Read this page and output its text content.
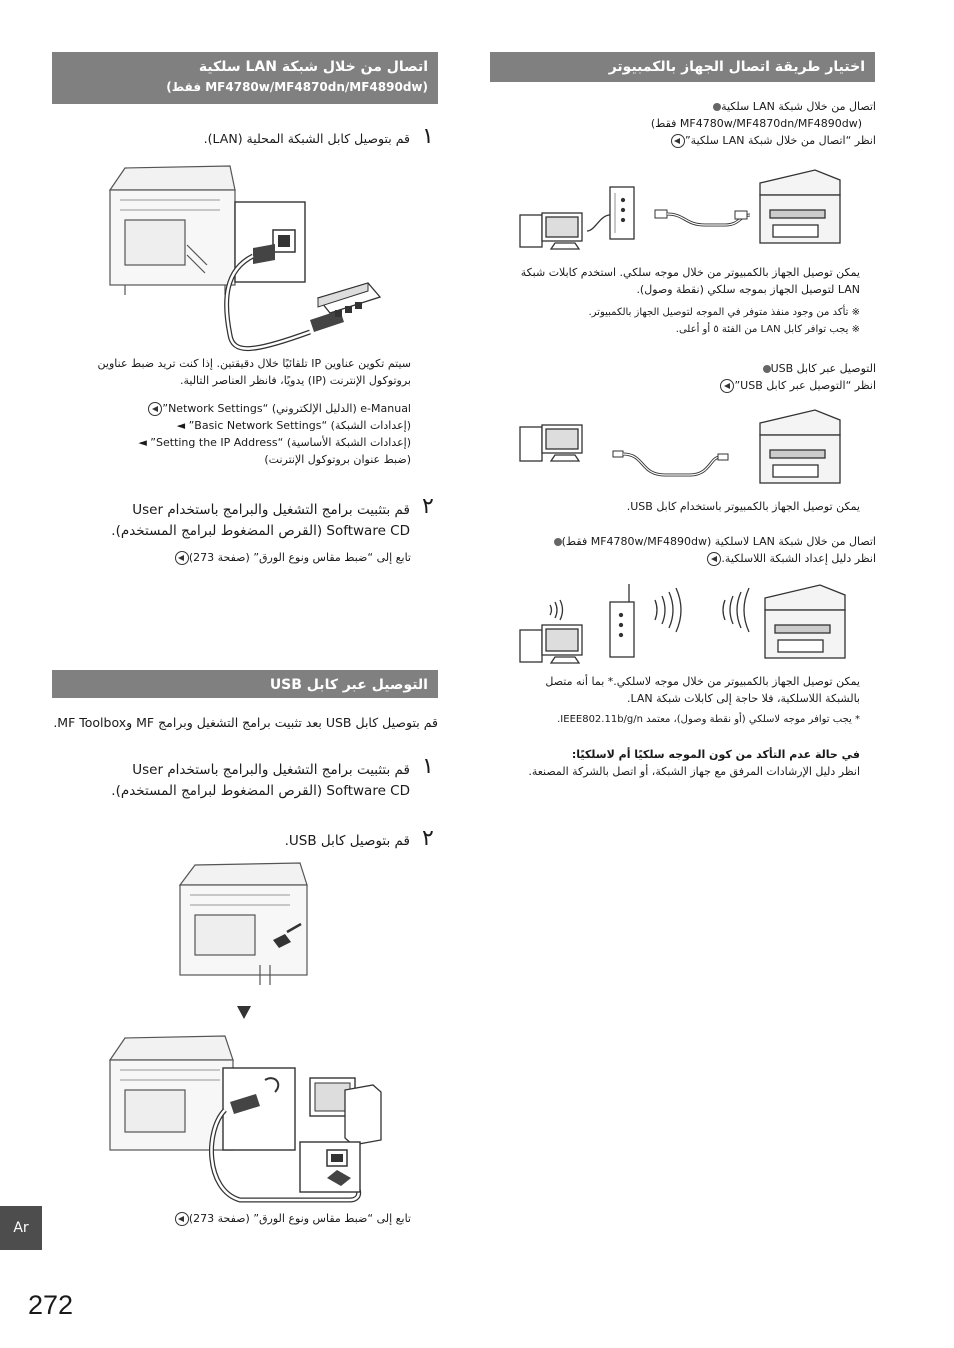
اتصال من خلال شبكة LAN سلكية
(MF4780w/MF4870dn/MF4890dw فقط)
١
قم بتوصيل كابل الشبكة المحلية (LAN).
سيتم تكوين عناوين IP تلقائيًا خلال دقيقتين. إذا كنت تريد ضبط عناوين
بروتوكول الإنترنت (IP) يدويًا، فانظر العناصر التالية.
e-Manual (الدليل الإلكتروني) “Network Settings”
(إعدادات الشبكة) “Basic Network Settings” ◄
(إعدادات الشبكة الأساسية) “Setting the IP Address” ◄
(ضبط عنوان بروتوكول الإنترنت)
٢
قم بتثبيت برامج التشغيل والبرامج باستخدام User
Software CD (القرص المضغوط لبرامج المستخدم).
تابع إلى “ضبط مقاس ونوع الورق” (صفحة 273)
التوصيل عبر كابل USB
قم بتوصيل كابل USB بعد تثبيت برامج التشغيل وبرامج MF وMF Toolbox.
١
قم بتثبيت برامج التشغيل والبرامج باستخدام User
Software CD (القرص المضغوط لبرامج المستخدم).
٢
قم بتوصيل كابل USB.
تابع إلى “ضبط مقاس ونوع الورق” (صفحة 273)
اختيار طريقة اتصال الجهاز بالكمبيوتر
اتصال من خلال شبكة LAN سلكية
(MF4780w/MF4870dn/MF4890dw فقط)
انظر “اتصال من خلال شبكة LAN سلكية”
يمكن توصيل الجهاز بالكمبيوتر من خلال موجه سلكي. استخدم كابلات شبكة
LAN لتوصيل الجهاز بموجه سلكي (نقطة وصول).
※ تأكد من وجود منفذ متوفر في الموجه لتوصيل الجهاز بالكمبيوتر.
※ يجب توافر كابل LAN من الفئة ٥ أو أعلى.
التوصيل عبر كابل USB
انظر “التوصيل عبر كابل USB”
يمكن توصيل الجهاز بالكمبيوتر باستخدام كابل USB.
اتصال من خلال شبكة LAN لاسلكية (MF4780w/MF4890dw فقط)
انظر دليل إعداد الشبكة اللاسلكية.
يمكن توصيل الجهاز بالكمبيوتر من خلال موجه لاسلكي.* بما أنه متصل
بالشبكة اللاسلكية، فلا حاجة إلى كابلات شبكة LAN.
* يجب توافر موجه لاسلكي (أو نقطة وصول)، معتمد IEEE802.11b/g/n.
في حالة عدم التأكد من كون الموجه سلكيًا أم لاسلكيًا:
انظر دليل الإرشادات المرفق مع جهاز الشبكة، أو اتصل بالشركة المصنعة.
Ar
272
